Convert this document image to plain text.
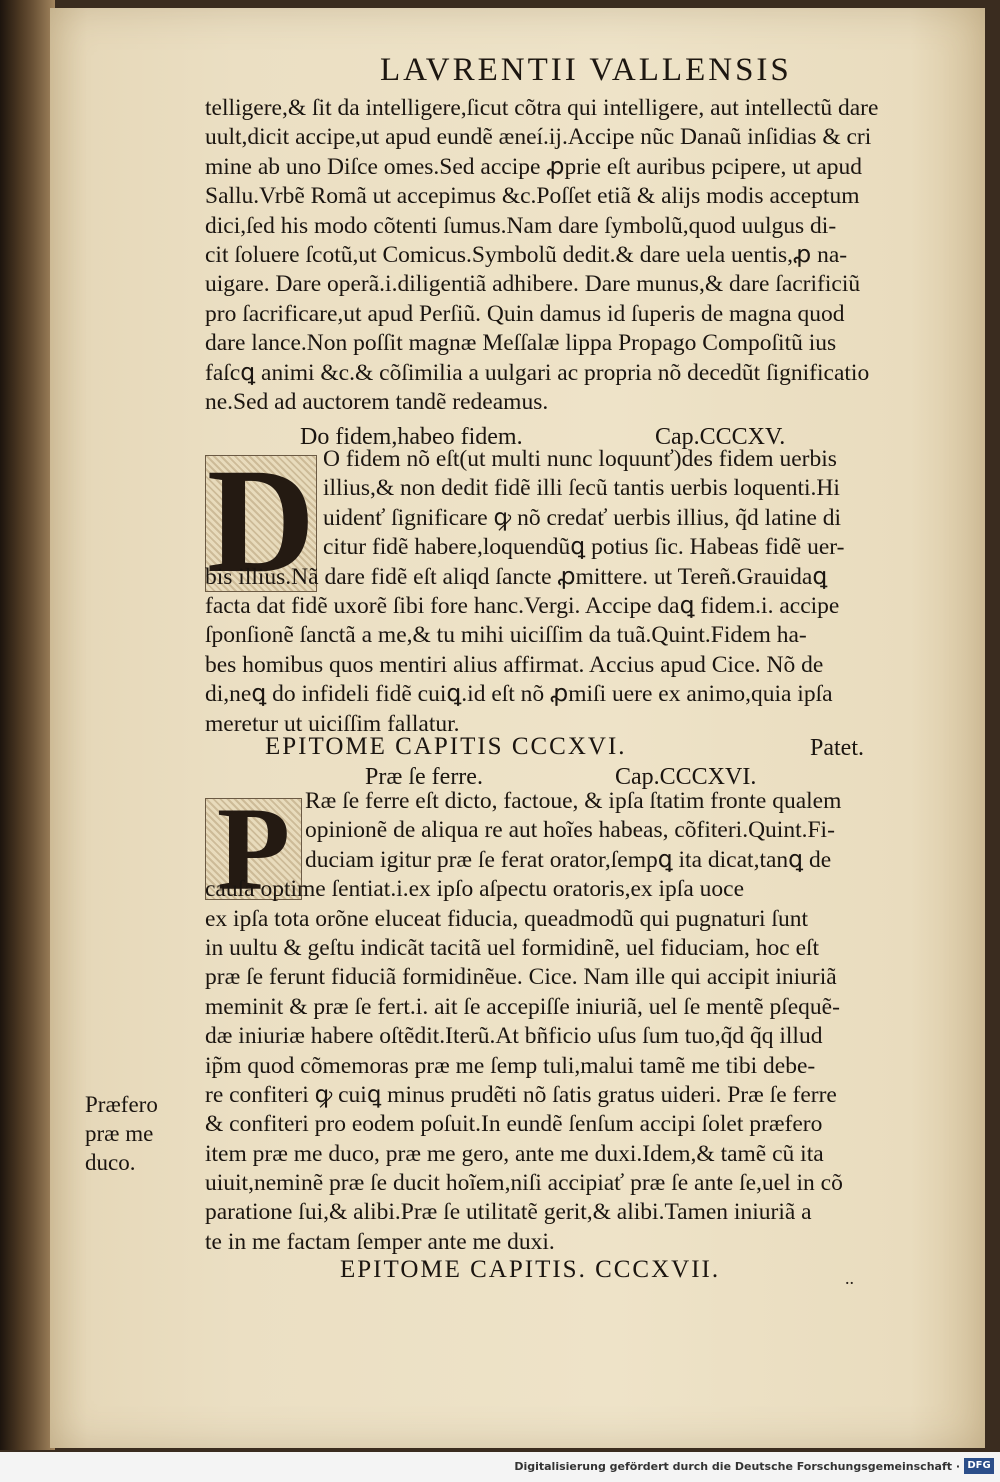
LAVRENTII VALLENSIS
telligere,& ſit da intelligere,ſicut cõtra qui intelligere, aut intellectũ dare
uult,dicit accipe,ut apud eundẽ æneí.ij.Accipe nũc Danaũ inſidias & cri
mine ab uno Diſce omes.Sed accipe ꝓprie eſt auribus pcipere, ut apud
Sallu.Vrbẽ Romã ut accepimus &c.Poſſet etiã & alijs modis acceptum
dici,ſed his modo cõtenti ſumus.Nam dare ſymbolũ,quod uulgus di-
cit ſoluere ſcotũ,ut Comicus.Symbolũ dedit.& dare uela uentis,ꝓ na-
uigare. Dare operã.i.diligentiã adhibere. Dare munus,& dare ſacrificiũ
pro ſacrificare,ut apud Perſiũ. Quin damus id ſuperis de magna quod
dare lance.Non poſſit magnæ Meſſalæ lippa Propago Compoſitũ ius
faſcꝗ animi &c.& cõſimilia a uulgari ac propria nõ decedũt ſignificatio
ne.Sed ad auctorem tandẽ redeamus.
Do fidem,habeo fidem.	Cap.CCCXV.
D O fidem nõ eſt(ut multi nunc loquunť)des fidem uerbis
illius,& non dedit fidẽ illi ſecũ tantis uerbis loquenti.Hi
uidenť ſignificare ꝙ nõ credať uerbis illius, q̃d latine di
citur fidẽ habere,loquendũꝗ potius ſic. Habeas fidẽ uer-
bis illius.Nã dare fidẽ eſt aliqd ſancte ꝓmittere. ut Tereñ.Grauidaꝗ
facta dat fidẽ uxorẽ ſibi fore hanc.Vergi. Accipe daꝗ fidem.i. accipe
ſponſionẽ ſanctã a me,& tu mihi uiciſſim da tuã.Quint.Fidem ha-
bes homibus quos mentiri alius affirmat. Accius apud Cice. Nõ de
di,neꝗ do infideli fidẽ cuiꝗ.id eſt nõ ꝓmiſi uere ex animo,quia ipſa
meretur ut uiciſſim fallatur.
EPITOME CAPITIS CCCXVI.	Patet.
Præ ſe ferre.	Cap.CCCXVI.
P Ræ ſe ferre eſt dicto, factoue, & ipſa ſtatim fronte qualem
opinionẽ de aliqua re aut hoĩes habeas, cõfiteri.Quint.Fi-
duciam igitur præ ſe ferat orator,ſempꝗ ita dicat,tanꝗ de
cauſa optime ſentiat.i.ex ipſo aſpectu oratoris,ex ipſa uoce
ex ipſa tota orõne eluceat fiducia, queadmodũ qui pugnaturi ſunt
in uultu & geſtu indicãt tacitã uel formidinẽ, uel fiduciam, hoc eſt
præ ſe ferunt fiduciã formidinẽue. Cice. Nam ille qui accipit iniuriã
meminit & præ ſe fert.i. ait ſe accepiſſe iniuriã, uel ſe mentẽ pſequẽ-
dæ iniuriæ habere oſtẽdit.Iterũ.At bñficio uſus ſum tuo,q̃d q̃q illud
ip̃m quod cõmemoras præ me ſemp tuli,malui tamẽ me tibi debe-
re confiteri ꝙ cuiꝗ minus prudẽti nõ ſatis gratus uideri. Præ ſe ferre
& confiteri pro eodem poſuit.In eundẽ ſenſum accipi ſolet præfero
item præ me duco, præ me gero, ante me duxi.Idem,& tamẽ cũ ita
uiuit,neminẽ præ ſe ducit hoĩem,niſi accipiať præ ſe ante ſe,uel in cõ
paratione ſui,& alibi.Præ ſe utilitatẽ gerit,& alibi.Tamen iniuriã a
te in me factam ſemper ante me duxi.
Præfero
præ me
duco.
EPITOME CAPITIS. CCCXVII.	..
Digitalisierung gefördert durch die Deutsche Forschungsgemeinschaft · DFG
